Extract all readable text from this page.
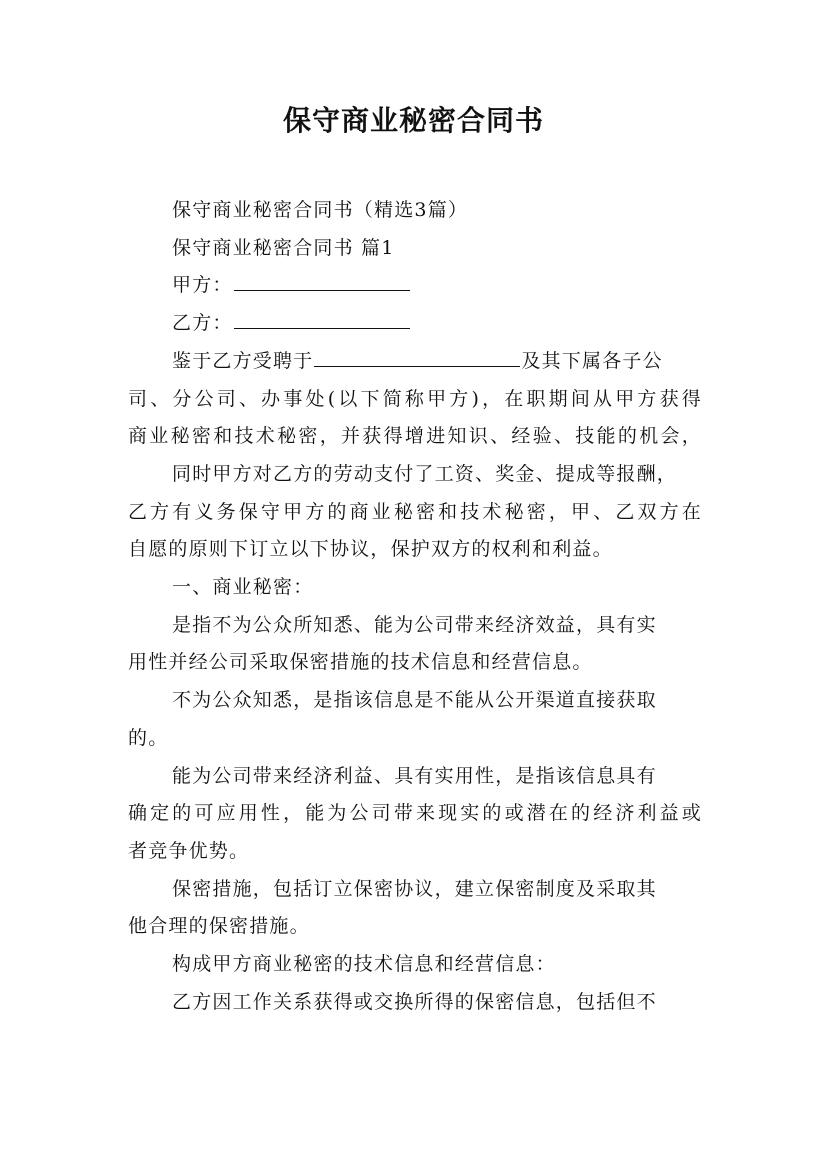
保守商业秘密合同书
保守商业秘密合同书（精选3篇）
保守商业秘密合同书 篇1
甲方：
乙方：
鉴于乙方受聘于	及其下属各子公
司、分公司、办事处(以下简称甲方)，在职期间从甲方获得
商业秘密和技术秘密，并获得增进知识、经验、技能的机会，
同时甲方对乙方的劳动支付了工资、奖金、提成等报酬，
乙方有义务保守甲方的商业秘密和技术秘密，甲、乙双方在
自愿的原则下订立以下协议，保护双方的权利和利益。
一、商业秘密：
是指不为公众所知悉、能为公司带来经济效益，具有实
用性并经公司采取保密措施的技术信息和经营信息。
不为公众知悉，是指该信息是不能从公开渠道直接获取
的。
能为公司带来经济利益、具有实用性，是指该信息具有
确定的可应用性，能为公司带来现实的或潜在的经济利益或
者竞争优势。
保密措施，包括订立保密协议，建立保密制度及采取其
他合理的保密措施。
构成甲方商业秘密的技术信息和经营信息：
乙方因工作关系获得或交换所得的保密信息，包括但不
